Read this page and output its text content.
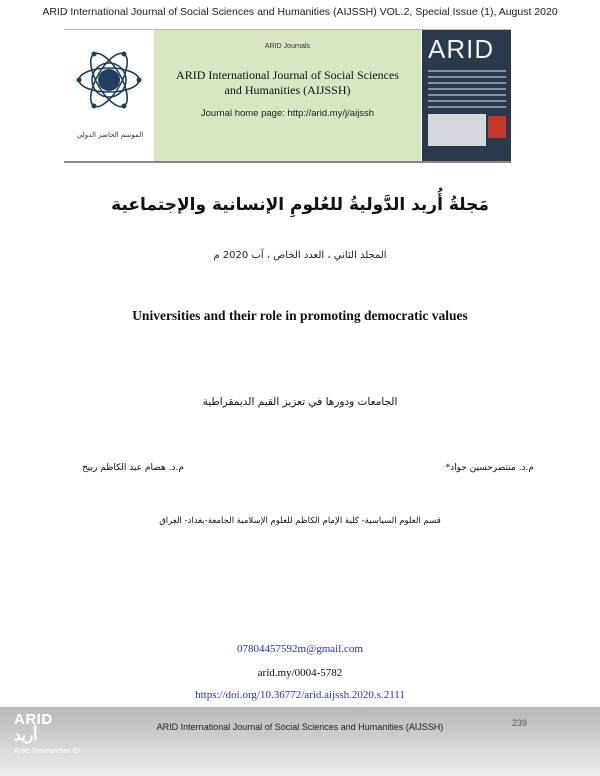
ARID International Journal of Social Sciences and Humanities (AIJSSH) VOL.2, Special Issue (1), August 2020
الموسم الحاضر الدولي
ARID Journals
ARID International Journal of Social Sciences and Humanities (AIJSSH)
Journal home page: http://arid.my/j/aijssh
ARID
مَجلةُ أُريد الدَّوليةُ للعُلومِ الإنسانية والإجتماعية
المجلد الثاني ، العدد الخاص ، آب 2020 م
Universities and their role in promoting democratic values
الجامعات ودورها في تعزيز القيم الديمقراطية
م.د. منتصرحسين جواد*
م.د. هصام عبد الكاظم ربيح
قسم العلوم السياسية- كلية الإمام الكاظم للعلوم الإسلامية الجامعة-بغداد- العراق
07804457592m@gmail.com
arid.my/0004-5782
https://doi.org/10.36772/arid.aijssh.2020.s.2111
ARID أريد
Arab Researcher iD
ARID International Journal of Social Sciences and Humanities (AIJSSH)	239
